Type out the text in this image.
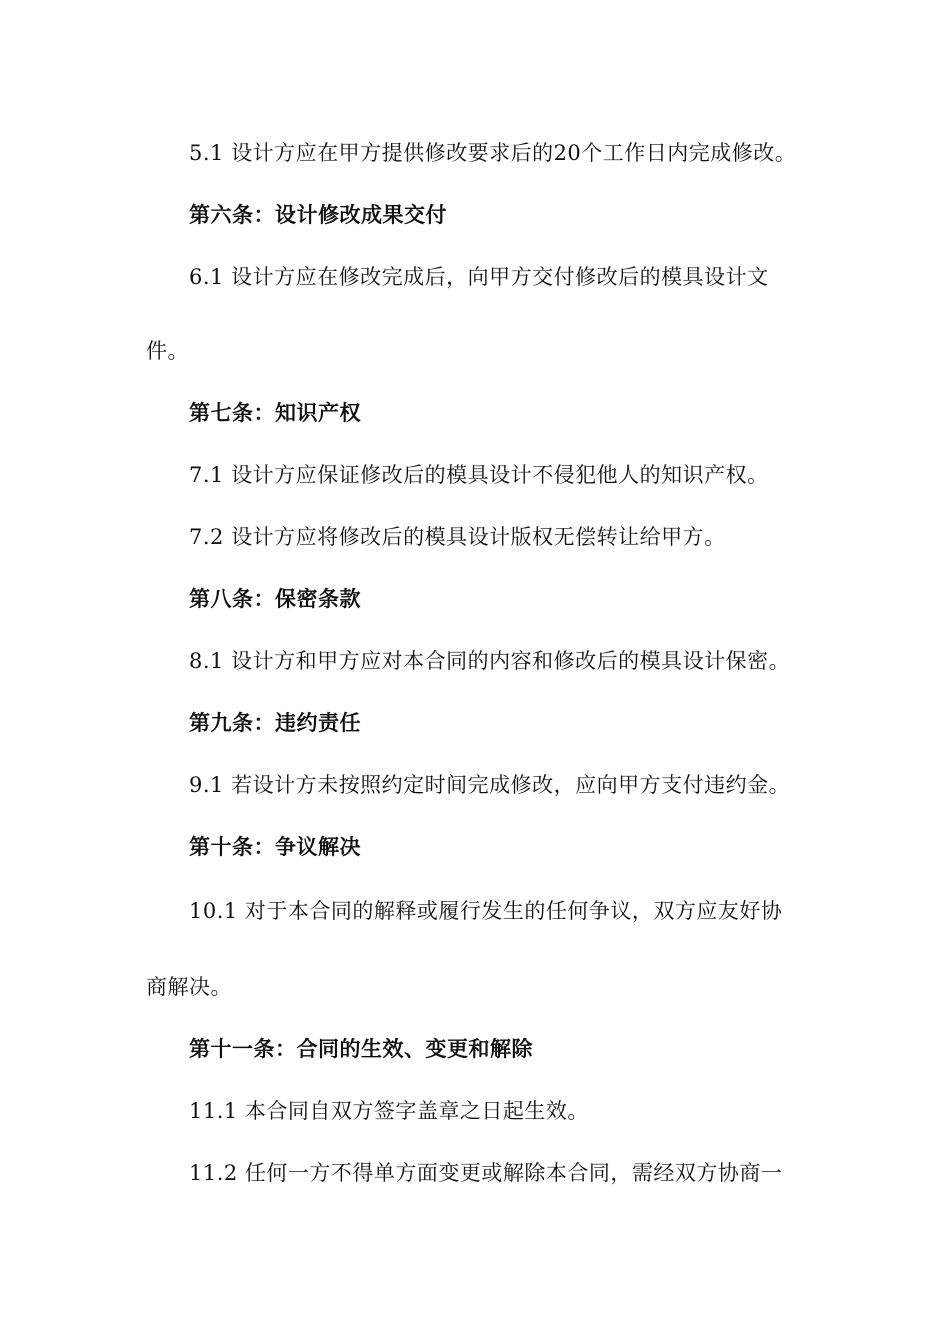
5.1 设计方应在甲方提供修改要求后的20个工作日内完成修改。
第六条：设计修改成果交付
6.1 设计方应在修改完成后，向甲方交付修改后的模具设计文
件。
第七条：知识产权
7.1 设计方应保证修改后的模具设计不侵犯他人的知识产权。
7.2 设计方应将修改后的模具设计版权无偿转让给甲方。
第八条：保密条款
8.1 设计方和甲方应对本合同的内容和修改后的模具设计保密。
第九条：违约责任
9.1 若设计方未按照约定时间完成修改，应向甲方支付违约金。
第十条：争议解决
10.1 对于本合同的解释或履行发生的任何争议，双方应友好协
商解决。
第十一条：合同的生效、变更和解除
11.1 本合同自双方签字盖章之日起生效。
11.2 任何一方不得单方面变更或解除本合同，需经双方协商一
